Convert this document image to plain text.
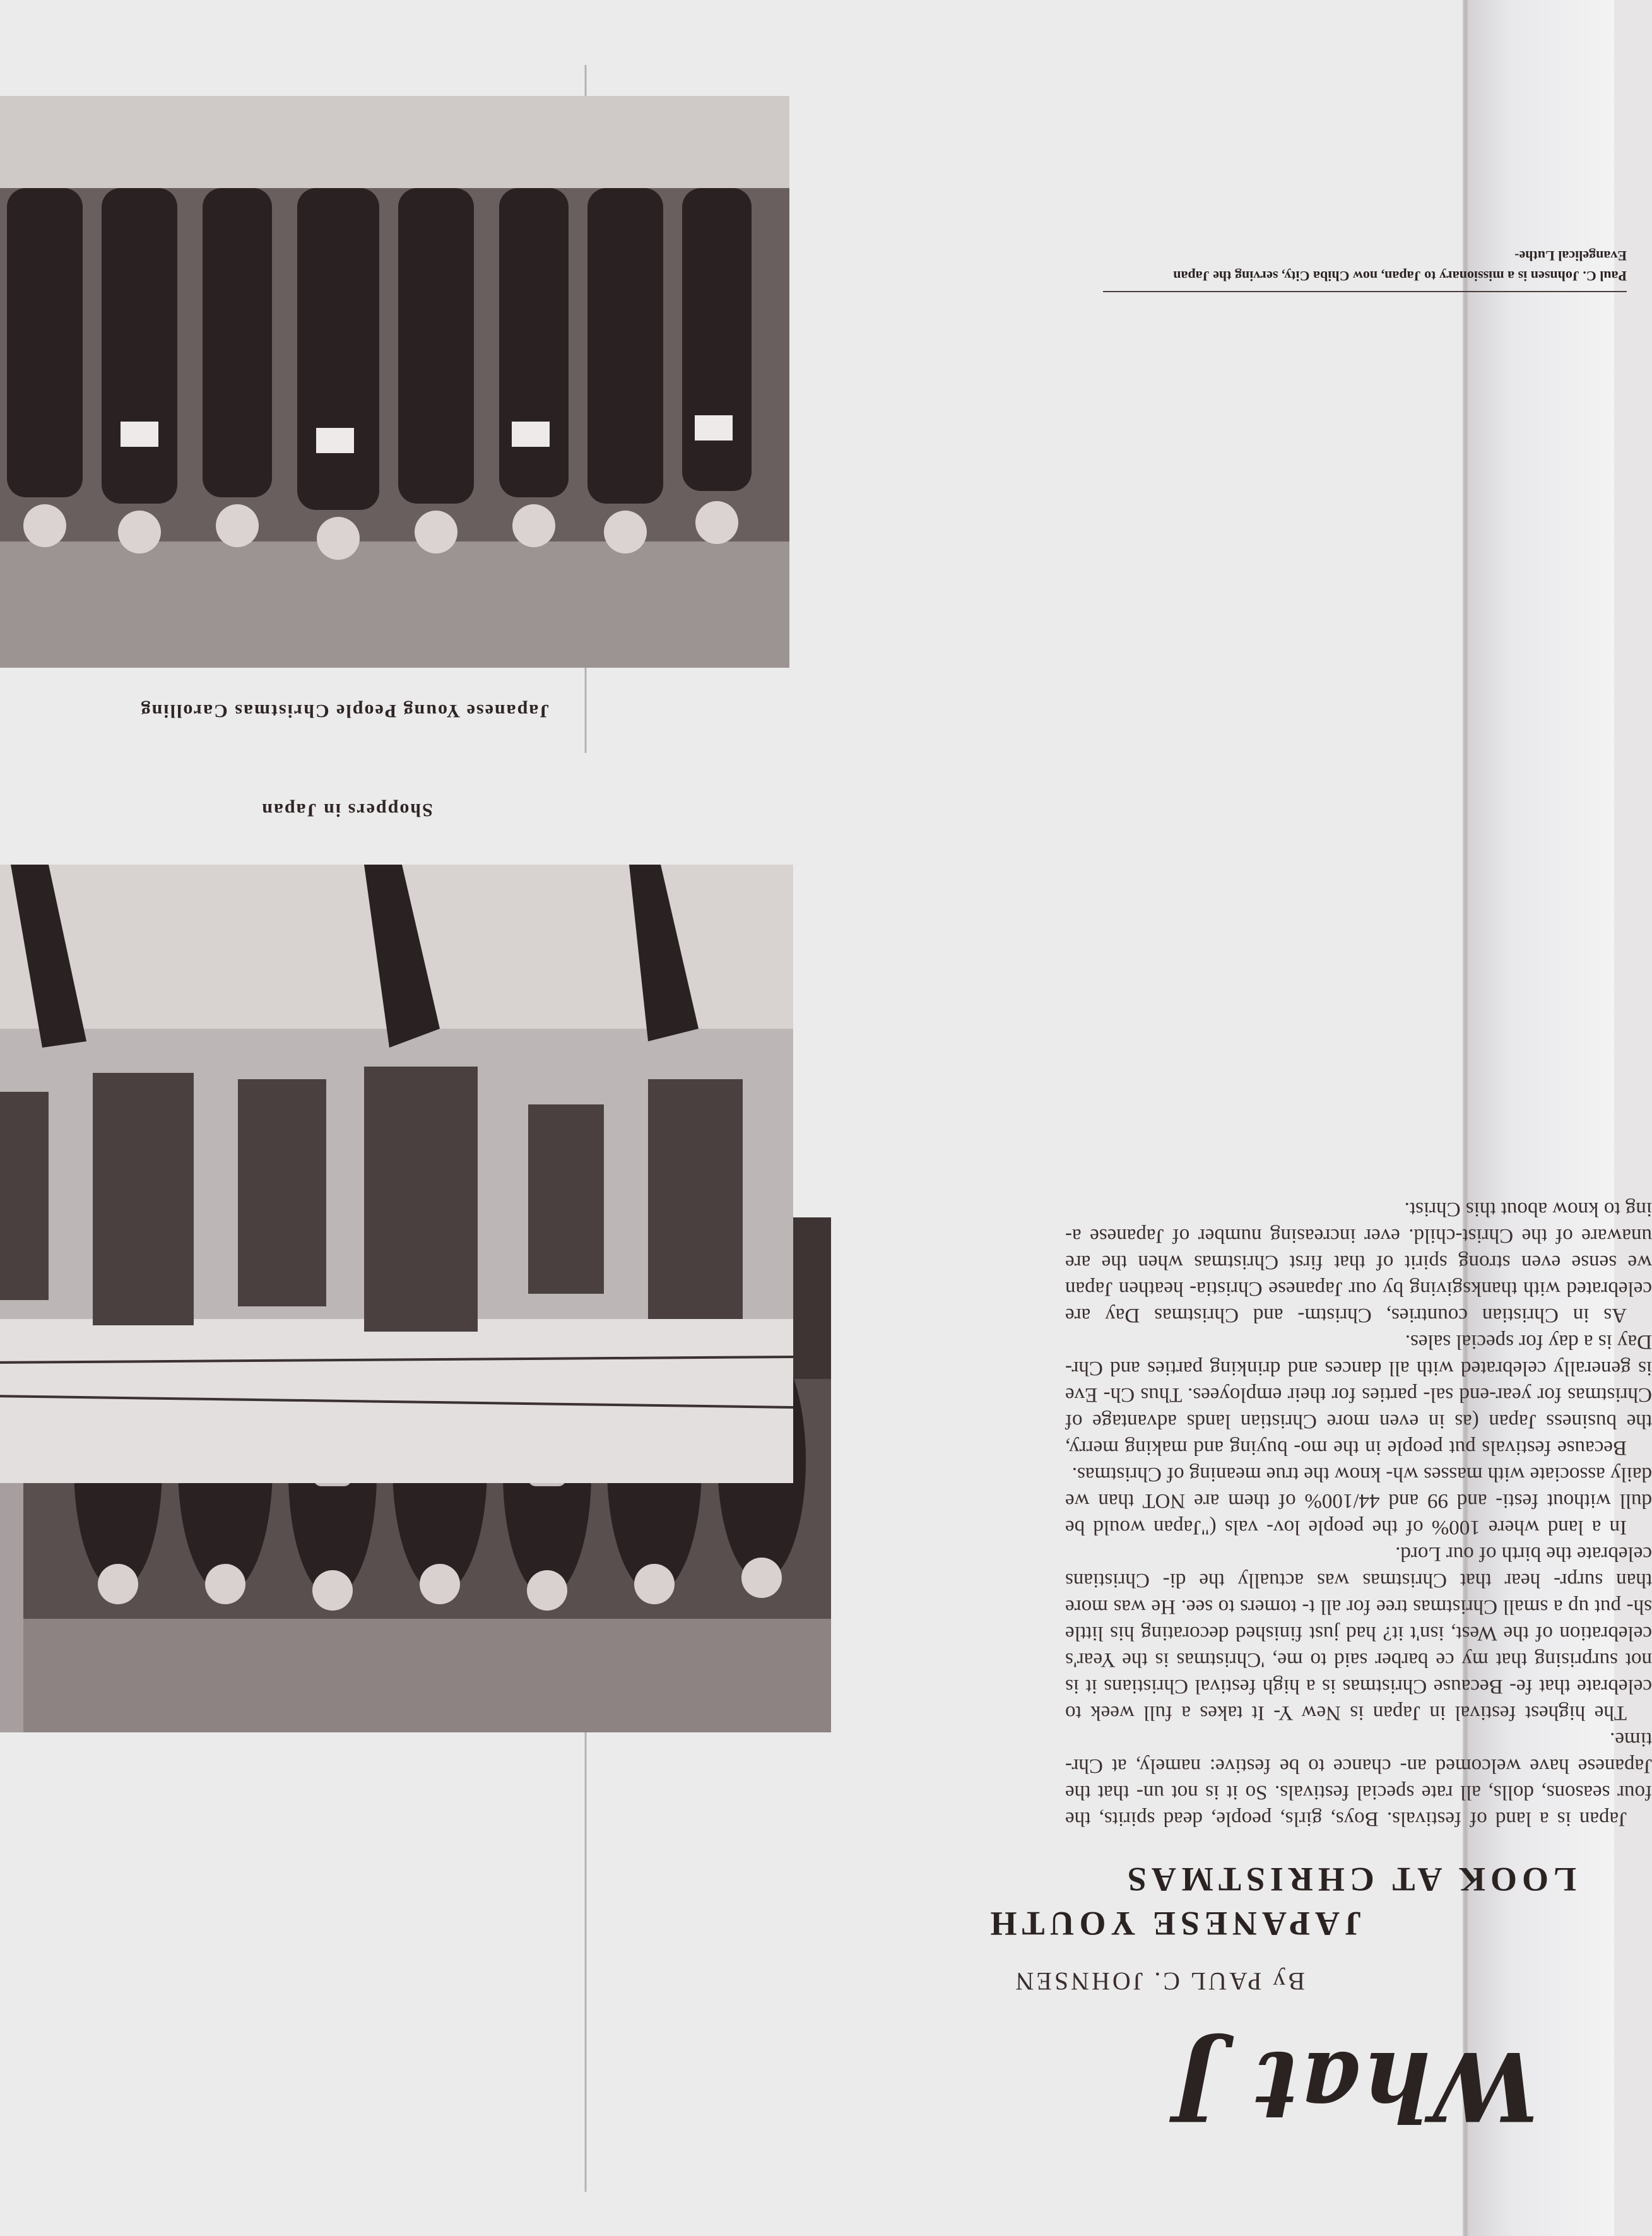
Shoppers in Japan
Japanese Young People Christmas Carolling
What J
By PAUL C. JOHNSEN
JAPANESE YOUTH
LOOK AT CHRISTMAS

Japan is a land of festivals. Boys, girls, people, dead spirits, the four seasons, dolls, all rate special festivals. So it is not un- that the Japanese have welcomed an- chance to be festive: namely, at Chr- time.

The highest festival in Japan is New Y- It takes a full week to celebrate that fe- Because Christmas is a high festival Christians it is not surprising that my ce barber said to me, 'Christmas is the Year's celebration of the West, isn't it? had just finished decorating his little sh- put up a small Christmas tree for all t- tomers to see. He was more than surpr- hear that Christmas was actually the di- Christians celebrate the birth of our Lord.

In a land where 100% of the people lov- vals ("Japan would be dull without festi- and 99 and 44/100% of them are NOT than we daily associate with masses wh- know the true meaning of Christmas.

Because festivals put people in the mo- buying and making merry, the business Japan (as in even more Christian lands advantage of Christmas for year-end sal- parties for their employees. Thus Ch- Eve is generally celebrated with all dances and drinking parties and Chr- Day is a day for special sales.

As in Christian countries, Christm- and Christmas Day are celebrated with thanksgiving by our Japanese Christia- heathen Japan we sense even strong spirit of that first Christmas when the are unaware of the Christ-child. ever increasing number of Japanese a- ing to know about this Christ.

Paul C. Johnsen is a missionary to Japan, now Chiba City, serving the Japan Evangelical Luthe-
